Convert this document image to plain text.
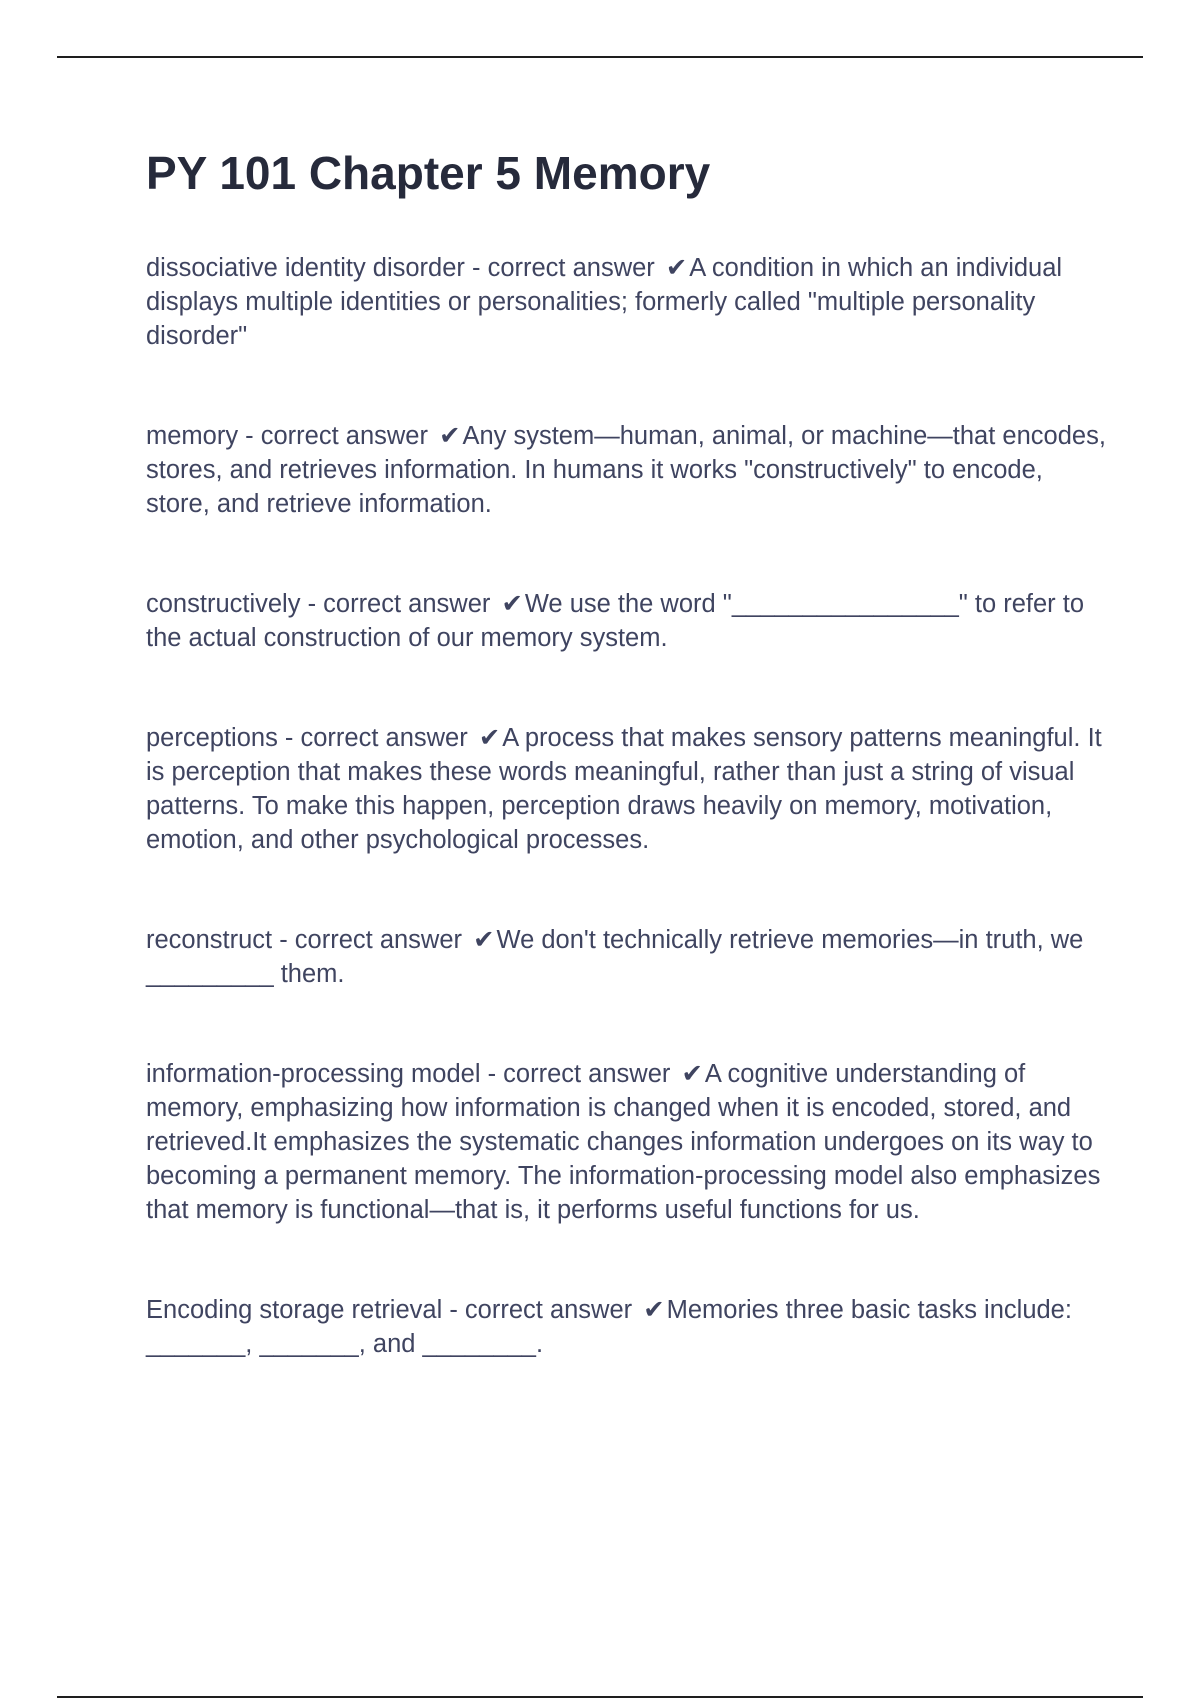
PY 101 Chapter 5 Memory

dissociative identity disorder - correct answer ✔A condition in which an individual displays multiple identities or personalities; formerly called "multiple personality disorder"

memory - correct answer ✔Any system—human, animal, or machine—that encodes, stores, and retrieves information. In humans it works "constructively" to encode, store, and retrieve information.

constructively - correct answer ✔We use the word "________________" to refer to the actual construction of our memory system.

perceptions - correct answer ✔A process that makes sensory patterns meaningful. It is perception that makes these words meaningful, rather than just a string of visual patterns. To make this happen, perception draws heavily on memory, motivation, emotion, and other psychological processes.

reconstruct - correct answer ✔We don't technically retrieve memories—in truth, we _________ them.

information-processing model - correct answer ✔A cognitive understanding of memory, emphasizing how information is changed when it is encoded, stored, and retrieved.It emphasizes the systematic changes information undergoes on its way to becoming a permanent memory. The information-processing model also emphasizes that memory is functional—that is, it performs useful functions for us.

Encoding storage retrieval - correct answer ✔Memories three basic tasks include: _______, _______, and ________.
